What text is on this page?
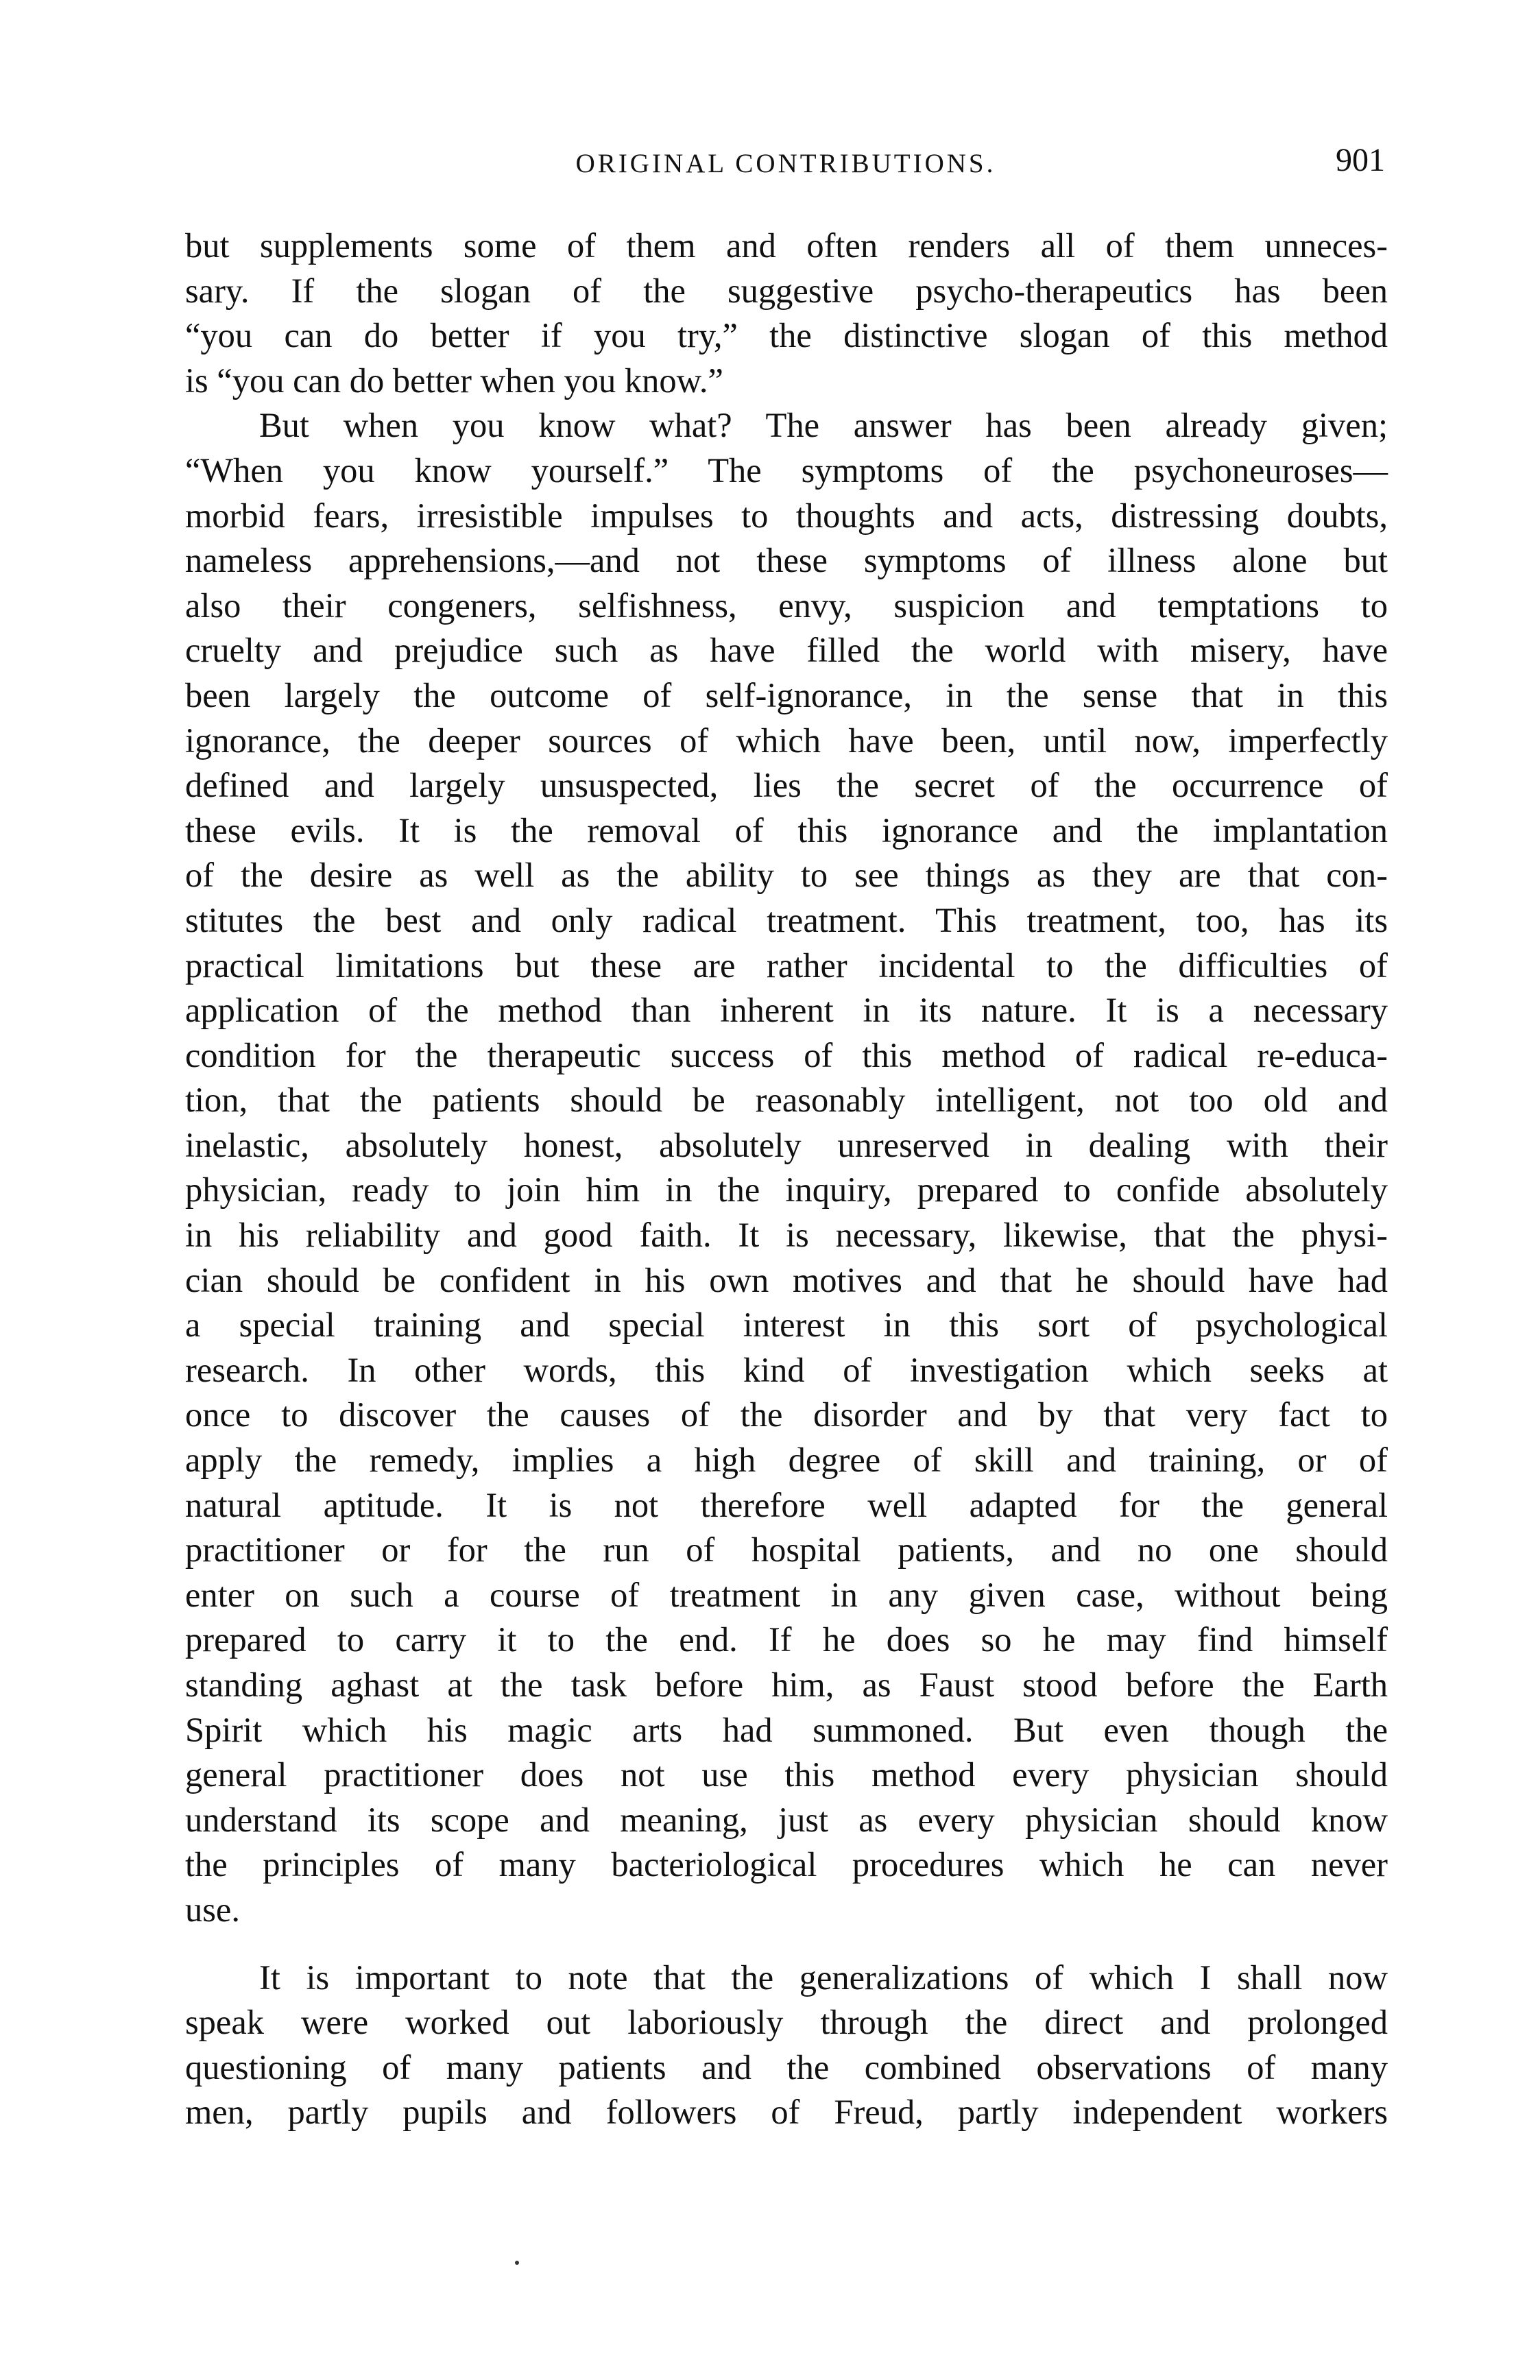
ORIGINAL CONTRIBUTIONS.	901
but supplements some of them and often renders all of them unneces-
sary. If the slogan of the suggestive psycho-therapeutics has been
“you can do better if you try,” the distinctive slogan of this method
is “you can do better when you know.”
But when you know what? The answer has been already given;
“When you know yourself.” The symptoms of the psychoneuroses—
morbid fears, irresistible impulses to thoughts and acts, distressing doubts,
nameless apprehensions,—and not these symptoms of illness alone but
also their congeners, selfishness, envy, suspicion and temptations to
cruelty and prejudice such as have filled the world with misery, have
been largely the outcome of self-ignorance, in the sense that in this
ignorance, the deeper sources of which have been, until now, imperfectly
defined and largely unsuspected, lies the secret of the occurrence of
these evils. It is the removal of this ignorance and the implantation
of the desire as well as the ability to see things as they are that con-
stitutes the best and only radical treatment. This treatment, too, has its
practical limitations but these are rather incidental to the difficulties of
application of the method than inherent in its nature. It is a necessary
condition for the therapeutic success of this method of radical re-educa-
tion, that the patients should be reasonably intelligent, not too old and
inelastic, absolutely honest, absolutely unreserved in dealing with their
physician, ready to join him in the inquiry, prepared to confide absolutely
in his reliability and good faith. It is necessary, likewise, that the physi-
cian should be confident in his own motives and that he should have had
a special training and special interest in this sort of psychological
research. In other words, this kind of investigation which seeks at
once to discover the causes of the disorder and by that very fact to
apply the remedy, implies a high degree of skill and training, or of
natural aptitude. It is not therefore well adapted for the general
practitioner or for the run of hospital patients, and no one should
enter on such a course of treatment in any given case, without being
prepared to carry it to the end. If he does so he may find himself
standing aghast at the task before him, as Faust stood before the Earth
Spirit which his magic arts had summoned. But even though the
general practitioner does not use this method every physician should
understand its scope and meaning, just as every physician should know
the principles of many bacteriological procedures which he can never
use.
It is important to note that the generalizations of which I shall now
speak were worked out laboriously through the direct and prolonged
questioning of many patients and the combined observations of many
men, partly pupils and followers of Freud, partly independent workers
